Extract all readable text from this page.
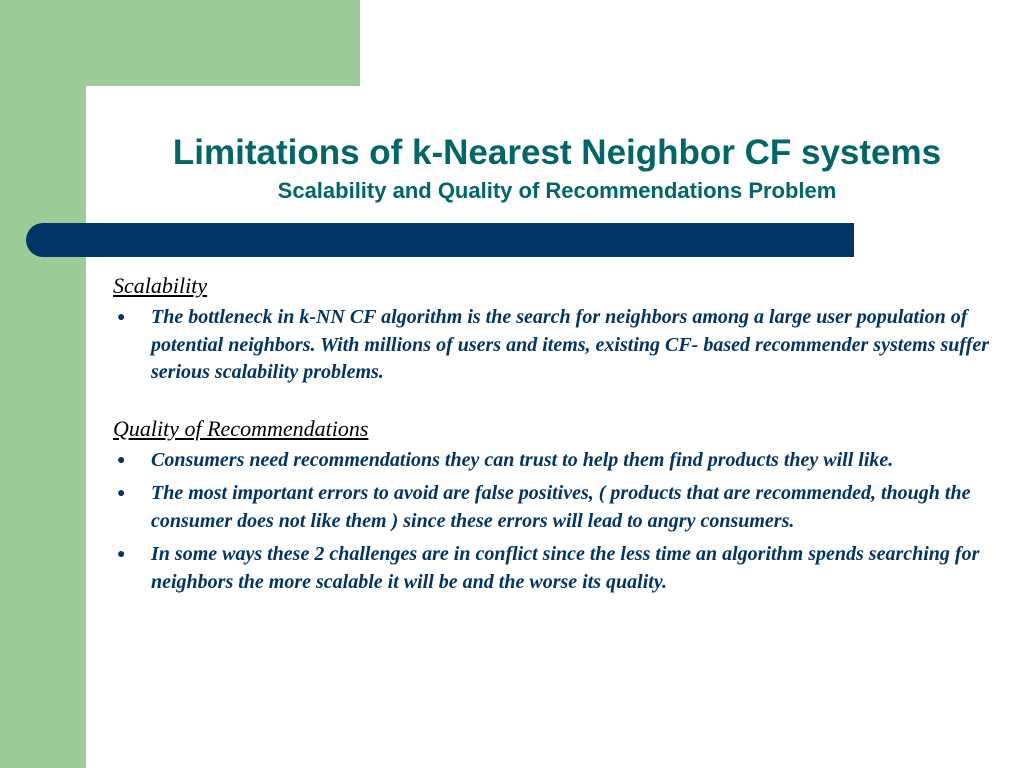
Limitations of k-Nearest Neighbor CF systems
Scalability and Quality of Recommendations Problem

Scalability

● The bottleneck in k-NN CF algorithm is the search for neighbors among a large user population of potential neighbors. With millions of users and items, existing CF- based recommender systems suffer serious scalability problems.

Quality of Recommendations

● Consumers need recommendations they can trust to help them find products they will like.
● The most important errors to avoid are false positives, ( products that are recommended, though the consumer does not like them ) since these errors will lead to angry consumers.
● In some ways these 2 challenges are in conflict since the less time an algorithm spends searching for neighbors the more scalable it will be and the worse its quality.
